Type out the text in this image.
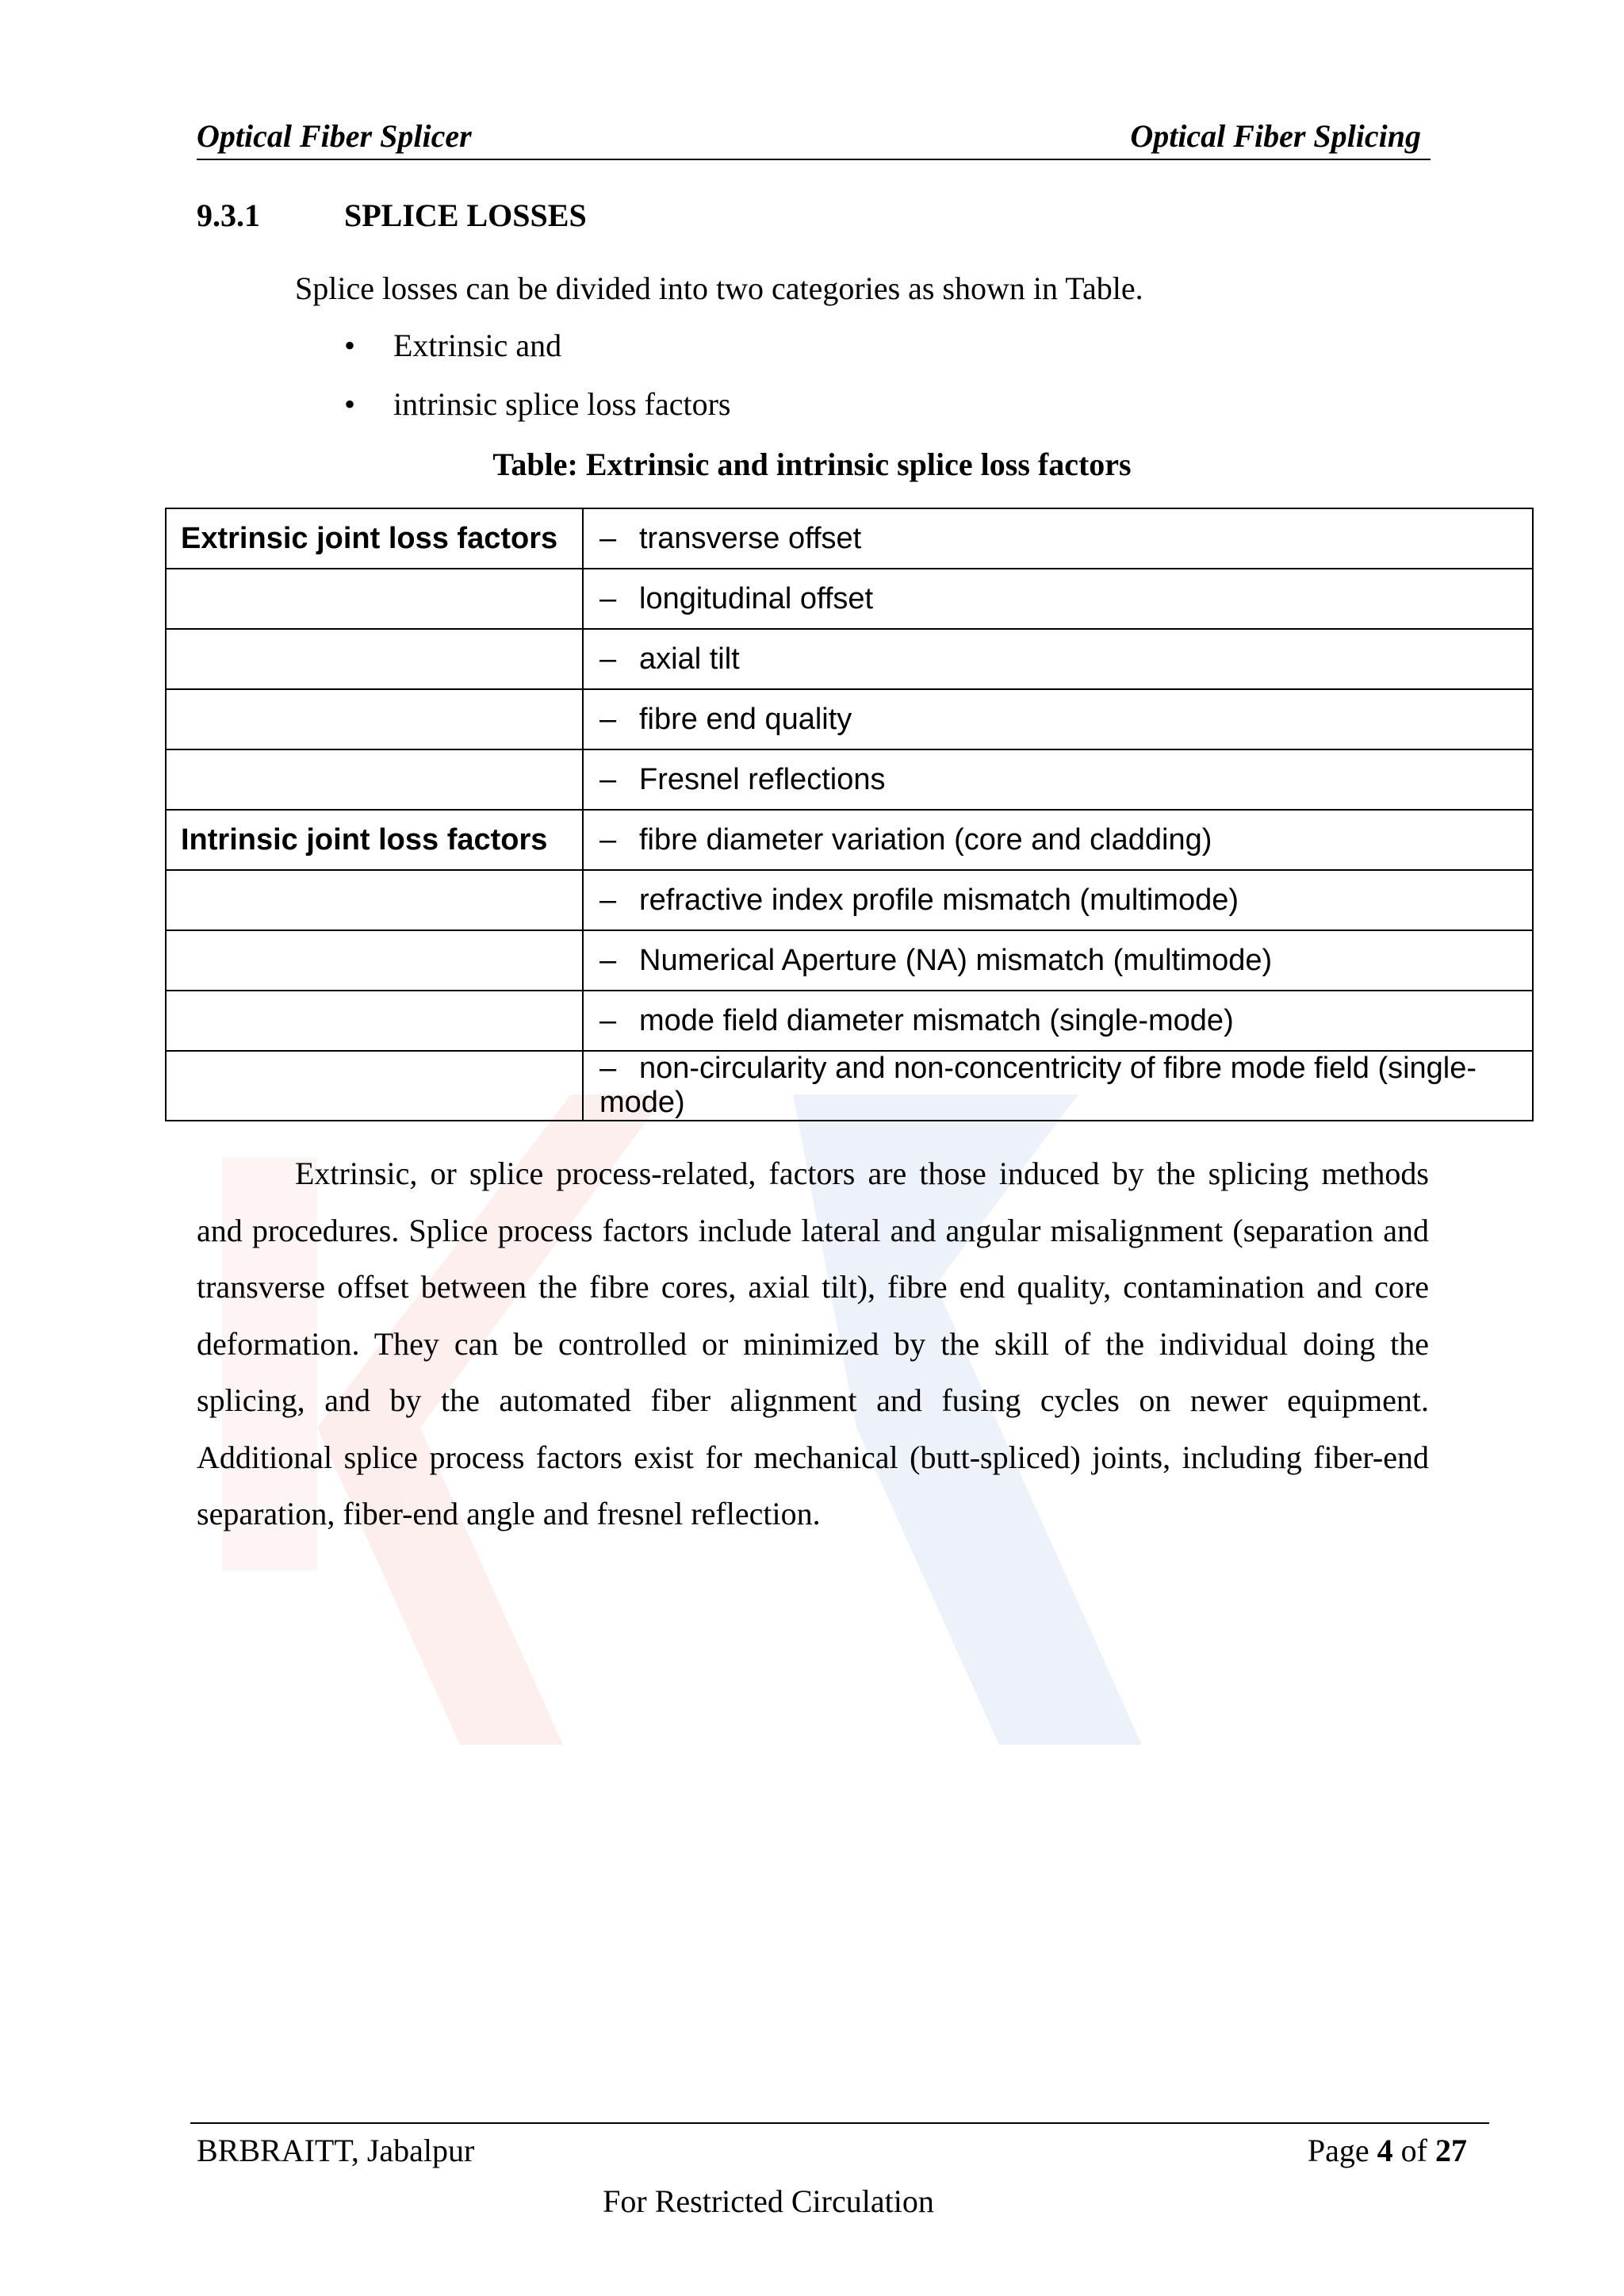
Optical Fiber Splicer	Optical Fiber Splicing
9.3.1	SPLICE LOSSES
Splice losses can be divided into two categories as shown in Table.
• Extrinsic and
• intrinsic splice loss factors
Table: Extrinsic and intrinsic splice loss factors
Extrinsic joint loss factors	– transverse offset
	– longitudinal offset
	– axial tilt
	– fibre end quality
	– Fresnel reflections
Intrinsic joint loss factors	– fibre diameter variation (core and cladding)
	– refractive index profile mismatch (multimode)
	– Numerical Aperture (NA) mismatch (multimode)
	– mode field diameter mismatch (single-mode)
	– non-circularity and non-concentricity of fibre mode field (single-mode)

Extrinsic, or splice process-related, factors are those induced by the splicing methods and procedures. Splice process factors include lateral and angular misalignment (separation and transverse offset between the fibre cores, axial tilt), fibre end quality, contamination and core deformation. They can be controlled or minimized by the skill of the individual doing the splicing, and by the automated fiber alignment and fusing cycles on newer equipment. Additional splice process factors exist for mechanical (butt-spliced) joints, including fiber-end separation, fiber-end angle and fresnel reflection.

BRBRAITT, Jabalpur	Page 4 of 27
For Restricted Circulation
